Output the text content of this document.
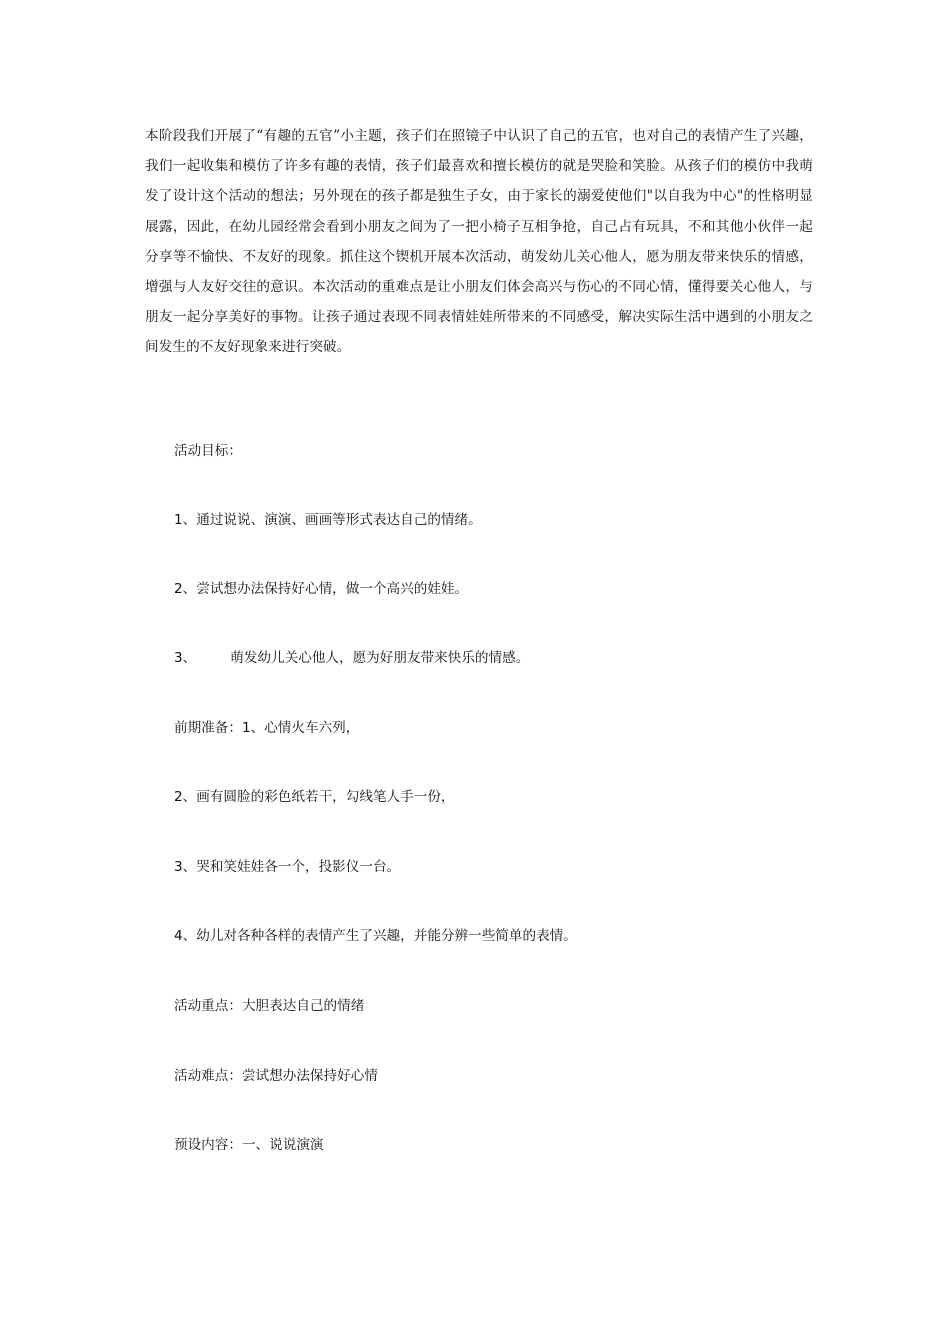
本阶段我们开展了“有趣的五官”小主题，孩子们在照镜子中认识了自己的五官，也对自己的表情产生了兴趣，我们一起收集和模仿了许多有趣的表情，孩子们最喜欢和擅长模仿的就是哭脸和笑脸。从孩子们的模仿中我萌发了设计这个活动的想法；另外现在的孩子都是独生子女，由于家长的溺爱使他们"以自我为中心"的性格明显展露，因此，在幼儿园经常会看到小朋友之间为了一把小椅子互相争抢，自己占有玩具，不和其他小伙伴一起分享等不愉快、不友好的现象。抓住这个锲机开展本次活动，萌发幼儿关心他人，愿为朋友带来快乐的情感，增强与人友好交往的意识。本次活动的重难点是让小朋友们体会高兴与伤心的不同心情，懂得要关心他人，与朋友一起分享美好的事物。让孩子通过表现不同表情娃娃所带来的不同感受，解决实际生活中遇到的小朋友之间发生的不友好现象来进行突破。

活动目标：

1、通过说说、演演、画画等形式表达自己的情绪。

2、尝试想办法保持好心情，做一个高兴的娃娃。

3、	萌发幼儿关心他人，愿为好朋友带来快乐的情感。

前期准备：1、心情火车六列，

2、画有圆脸的彩色纸若干，勾线笔人手一份，

3、哭和笑娃娃各一个，投影仪一台。

4、幼儿对各种各样的表情产生了兴趣，并能分辨一些简单的表情。

活动重点：大胆表达自己的情绪

活动难点：尝试想办法保持好心情

预设内容：一、说说演演
